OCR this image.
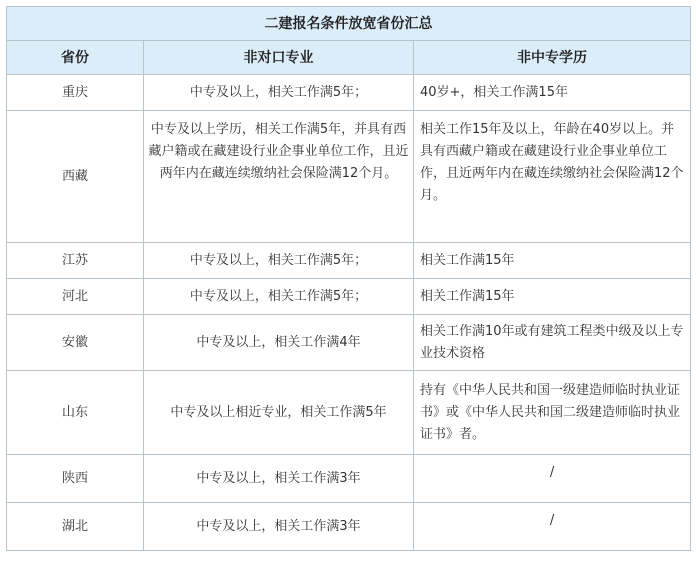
二建报名条件放宽省份汇总		
省份	非对口专业	非中专学历
重庆	中专及以上，相关工作满5年；	40岁+，相关工作满15年
西藏	中专及以上学历，相关工作满5年，并具有西藏户籍或在藏建设行业企事业单位工作，且近两年内在藏连续缴纳社会保险满12个月。	相关工作15年及以上，年龄在40岁以上。并具有西藏户籍或在藏建设行业企事业单位工作，且近两年内在藏连续缴纳社会保险满12个月。
江苏	中专及以上，相关工作满5年；	相关工作满15年
河北	中专及以上，相关工作满5年；	相关工作满15年
安徽	中专及以上，相关工作满4年	相关工作满10年或有建筑工程类中级及以上专业技术资格
山东	中专及以上相近专业，相关工作满5年	持有《中华人民共和国一级建造师临时执业证书》或《中华人民共和国二级建造师临时执业证书》者。
陕西	中专及以上，相关工作满3年	/
湖北	中专及以上，相关工作满3年	/
